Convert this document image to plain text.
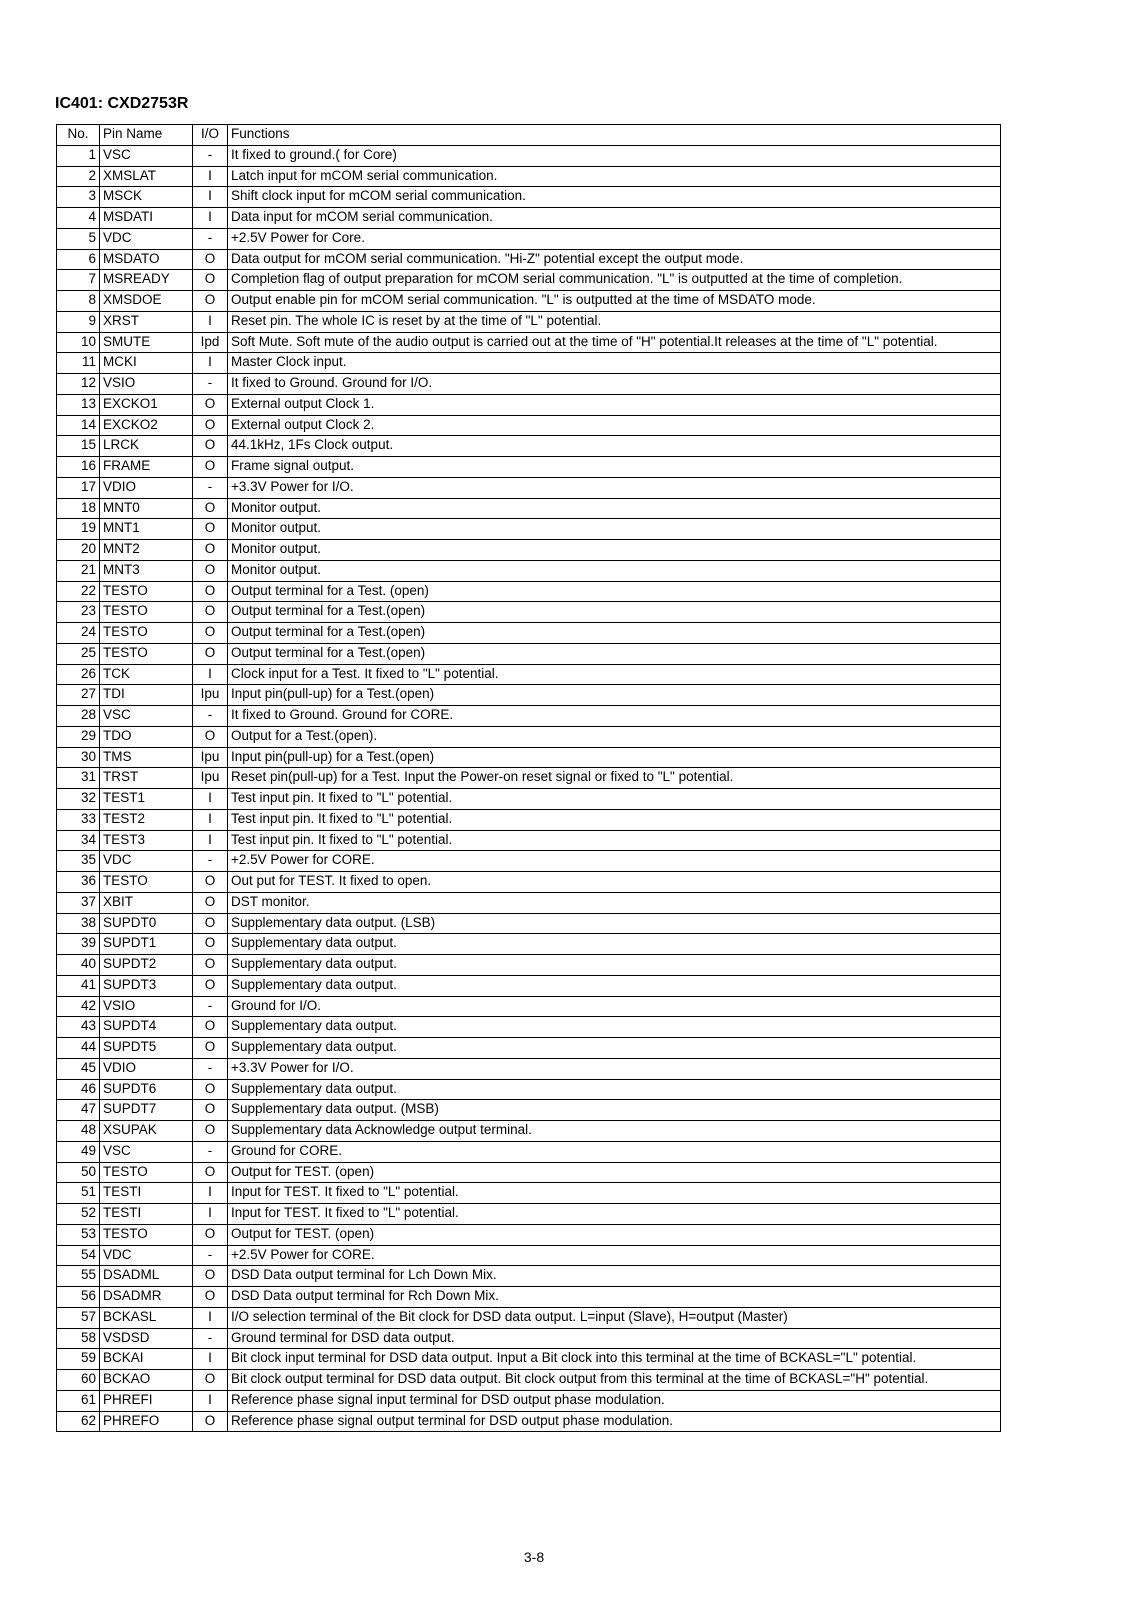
IC401: CXD2753R
No.	Pin Name	I/O	Functions
1	VSC	-	It fixed to ground.( for Core)
2	XMSLAT	I	Latch input for mCOM serial communication.
3	MSCK	I	Shift clock input for mCOM serial communication.
4	MSDATI	I	Data input for mCOM serial communication.
5	VDC	-	+2.5V Power for Core.
6	MSDATO	O	Data output for mCOM serial communication. "Hi-Z" potential except the output mode.
7	MSREADY	O	Completion flag of output preparation for mCOM serial communication. "L" is outputted at the time of completion.
8	XMSDOE	O	Output enable pin for mCOM serial communication. "L" is outputted at the time of MSDATO mode.
9	XRST	I	Reset pin. The whole IC is reset by at the time of "L" potential.
10	SMUTE	Ipd	Soft Mute. Soft mute of the audio output is carried out at the time of "H" potential.It releases at the time of "L" potential.
11	MCKI	I	Master Clock input.
12	VSIO	-	It fixed to Ground. Ground for I/O.
13	EXCKO1	O	External output Clock 1.
14	EXCKO2	O	External output Clock 2.
15	LRCK	O	44.1kHz, 1Fs Clock output.
16	FRAME	O	Frame signal output.
17	VDIO	-	+3.3V Power for I/O.
18	MNT0	O	Monitor output.
19	MNT1	O	Monitor output.
20	MNT2	O	Monitor output.
21	MNT3	O	Monitor output.
22	TESTO	O	Output terminal for a Test. (open)
23	TESTO	O	Output terminal for a Test.(open)
24	TESTO	O	Output terminal for a Test.(open)
25	TESTO	O	Output terminal for a Test.(open)
26	TCK	I	Clock input for a Test. It fixed to "L" potential.
27	TDI	Ipu	Input pin(pull-up) for a Test.(open)
28	VSC	-	It fixed to Ground. Ground for CORE.
29	TDO	O	Output for a Test.(open).
30	TMS	Ipu	Input pin(pull-up) for a Test.(open)
31	TRST	Ipu	Reset pin(pull-up) for a Test. Input the Power-on reset signal or fixed to "L" potential.
32	TEST1	I	Test input pin. It fixed to "L" potential.
33	TEST2	I	Test input pin. It fixed to "L" potential.
34	TEST3	I	Test input pin. It fixed to "L" potential.
35	VDC	-	+2.5V Power for CORE.
36	TESTO	O	Out put for TEST. It fixed to open.
37	XBIT	O	DST monitor.
38	SUPDT0	O	Supplementary data output. (LSB)
39	SUPDT1	O	Supplementary data output.
40	SUPDT2	O	Supplementary data output.
41	SUPDT3	O	Supplementary data output.
42	VSIO	-	Ground for I/O.
43	SUPDT4	O	Supplementary data output.
44	SUPDT5	O	Supplementary data output.
45	VDIO	-	+3.3V Power for I/O.
46	SUPDT6	O	Supplementary data output.
47	SUPDT7	O	Supplementary data output. (MSB)
48	XSUPAK	O	Supplementary data Acknowledge output terminal.
49	VSC	-	Ground for CORE.
50	TESTO	O	Output for TEST. (open)
51	TESTI	I	Input for TEST. It fixed to "L" potential.
52	TESTI	I	Input for TEST. It fixed to "L" potential.
53	TESTO	O	Output for TEST. (open)
54	VDC	-	+2.5V Power for CORE.
55	DSADML	O	DSD Data output terminal for Lch Down Mix.
56	DSADMR	O	DSD Data output terminal for Rch Down Mix.
57	BCKASL	I	I/O selection terminal of the Bit clock for DSD data output. L=input (Slave), H=output (Master)
58	VSDSD	-	Ground terminal for DSD data output.
59	BCKAI	I	Bit clock input terminal for DSD data output. Input a Bit clock into this terminal at the time of BCKASL="L" potential.
60	BCKAO	O	Bit clock output terminal for DSD data output. Bit clock output from this terminal at the time of BCKASL="H" potential.
61	PHREFI	I	Reference phase signal input terminal for DSD output phase modulation.
62	PHREFO	O	Reference phase signal output terminal for DSD output phase modulation.
3-8
